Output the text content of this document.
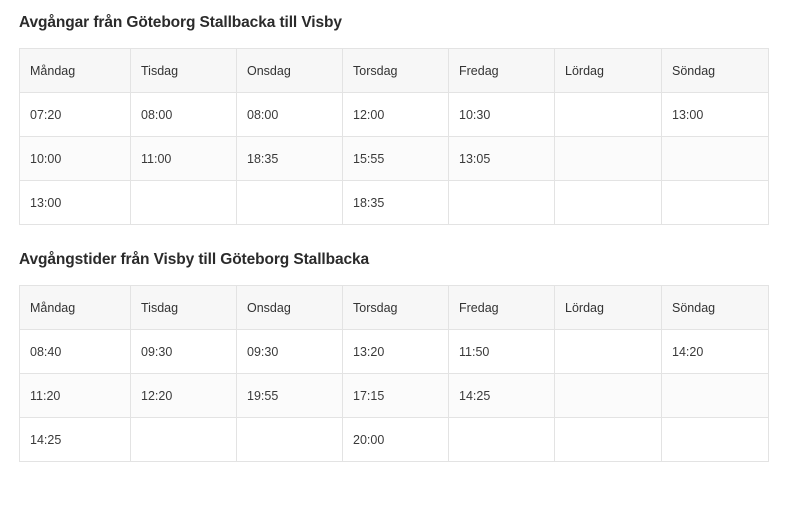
Avgångar från Göteborg Stallbacka till Visby
Måndag	Tisdag	Onsdag	Torsdag	Fredag	Lördag	Söndag
07:20	08:00	08:00	12:00	10:30		13:00
10:00	11:00	18:35	15:55	13:05		
13:00			18:35			
Avgångstider från Visby till Göteborg Stallbacka
Måndag	Tisdag	Onsdag	Torsdag	Fredag	Lördag	Söndag
08:40	09:30	09:30	13:20	11:50		14:20
11:20	12:20	19:55	17:15	14:25		
14:25			20:00			
